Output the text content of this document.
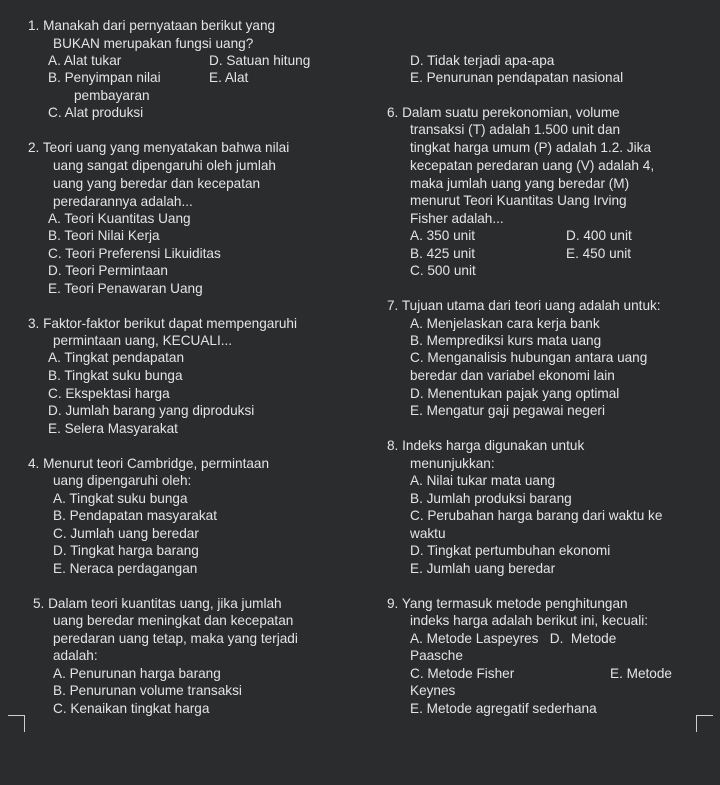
1. Manakah dari pernyataan berikut yang
BUKAN merupakan fungsi uang?
A. Alat tukar	D. Satuan hitung
B. Penyimpan nilai	E. Alat
pembayaran
C. Alat produksi
2. Teori uang yang menyatakan bahwa nilai
uang sangat dipengaruhi oleh jumlah
uang yang beredar dan kecepatan
peredarannya adalah...
A. Teori Kuantitas Uang
B. Teori Nilai Kerja
C. Teori Preferensi Likuiditas
D. Teori Permintaan
E. Teori Penawaran Uang
3. Faktor-faktor berikut dapat mempengaruhi
permintaan uang, KECUALI...
A. Tingkat pendapatan
B. Tingkat suku bunga
C. Ekspektasi harga
D. Jumlah barang yang diproduksi
E. Selera Masyarakat
4. Menurut teori Cambridge, permintaan
uang dipengaruhi oleh:
A. Tingkat suku bunga
B. Pendapatan masyarakat
C. Jumlah uang beredar
D. Tingkat harga barang
E. Neraca perdagangan
5. Dalam teori kuantitas uang, jika jumlah
uang beredar meningkat dan kecepatan
peredaran uang tetap, maka yang terjadi
adalah:
A. Penurunan harga barang
B. Penurunan volume transaksi
C. Kenaikan tingkat harga
D. Tidak terjadi apa-apa
E. Penurunan pendapatan nasional
6. Dalam suatu perekonomian, volume
transaksi (T) adalah 1.500 unit dan
tingkat harga umum (P) adalah 1.2. Jika
kecepatan peredaran uang (V) adalah 4,
maka jumlah uang yang beredar (M)
menurut Teori Kuantitas Uang Irving
Fisher adalah...
A. 350 unit	D. 400 unit
B. 425 unit	E. 450 unit
C. 500 unit
7. Tujuan utama dari teori uang adalah untuk:
A. Menjelaskan cara kerja bank
B. Memprediksi kurs mata uang
C. Menganalisis hubungan antara uang
beredar dan variabel ekonomi lain
D. Menentukan pajak yang optimal
E. Mengatur gaji pegawai negeri
8. Indeks harga digunakan untuk
menunjukkan:
A. Nilai tukar mata uang
B. Jumlah produksi barang
C. Perubahan harga barang dari waktu ke
waktu
D. Tingkat pertumbuhan ekonomi
E. Jumlah uang beredar
9. Yang termasuk metode penghitungan
indeks harga adalah berikut ini, kecuali:
A. Metode Laspeyres   D.  Metode
Paasche
C. Metode Fisher	E. Metode
Keynes
E. Metode agregatif sederhana
